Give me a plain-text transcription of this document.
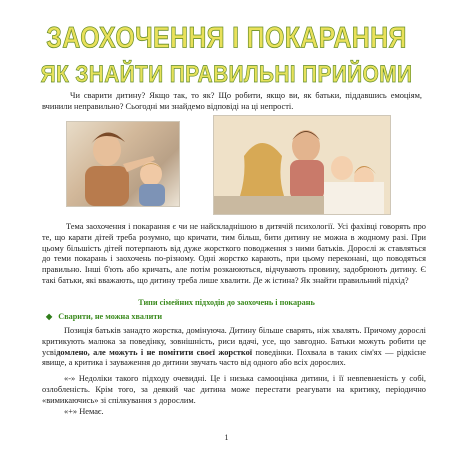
ЗАОХОЧЕННЯ І ПОКАРАННЯ
ЯК ЗНАЙТИ ПРАВИЛЬНІ ПРИЙОМИ
Чи сварити дитину? Якщо так, то як? Що робити, якщо ви, як батьки, піддавшись емоціям, вчинили неправильно? Сьогодні ми знайдемо відповіді на ці непрості.
Тема заохочення і покарання є чи не найскладнішою в дитячій психології. Усі фахівці говорять про те, що карати дітей треба розумно, що кричати, тим більш, бити дитину не можна в жодному разі. При цьому більшість дітей потерпають від дуже жорсткого поводження з ними батьків. Дорослі ж ставляться до теми покарань і заохочень по-різному. Одні жорстко карають, при цьому переконані, що поводяться правильно. Інші б'ють або кричать, але потім розкаюються, відчувають провину, задобрюють дитину. Є такі батьки, які вважають, що дитину треба лише хвалити. Де ж істина? Як знайти правильний підхід?
Типи сімейних підходів до заохочень і покарань
◆ Сварити, не можна хвалити
Позиція батьків занадто жорстка, домінуюча. Дитину більше сварять, ніж хвалять. Причому дорослі критикують малюка за поведінку, зовнішність, риси вдачі, усе, що завгодно. Батьки можуть робити це усвідомлено, але можуть і не помітити своєї жорсткої поведінки. Похвала в таких сім'ях — рідкісне явище, а критика і зауваження до дитини звучать часто від одного або всіх дорослих.
«-» Недоліки такого підходу очевидні. Це і низька самооцінка дитини, і її невпевненість у собі, озлобленість. Крім того, за деякий час дитина може перестати реагувати на критику, періодично «вимикаючись» зі спілкування з дорослим.
«+» Немає.
1
